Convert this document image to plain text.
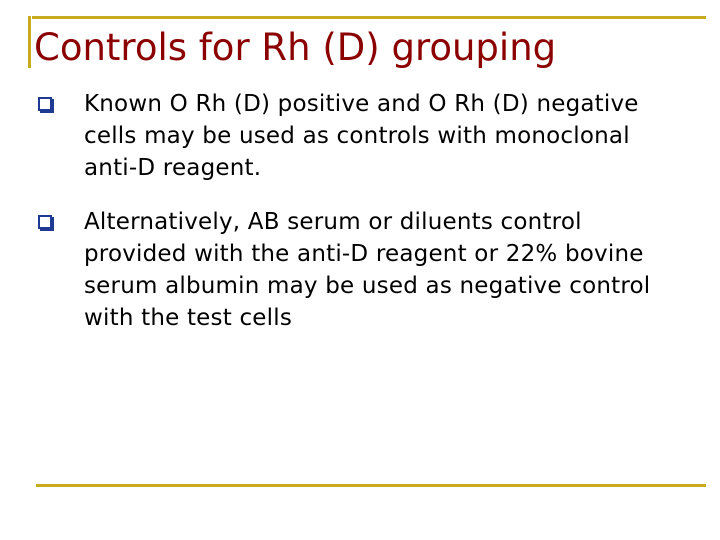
Controls for Rh (D) grouping
Known O Rh (D) positive and O Rh (D) negative cells may be used as controls with monoclonal anti-D reagent.
Alternatively, AB serum or diluents control provided with the anti-D reagent or 22% bovine serum albumin may be used as negative control with the test cells
